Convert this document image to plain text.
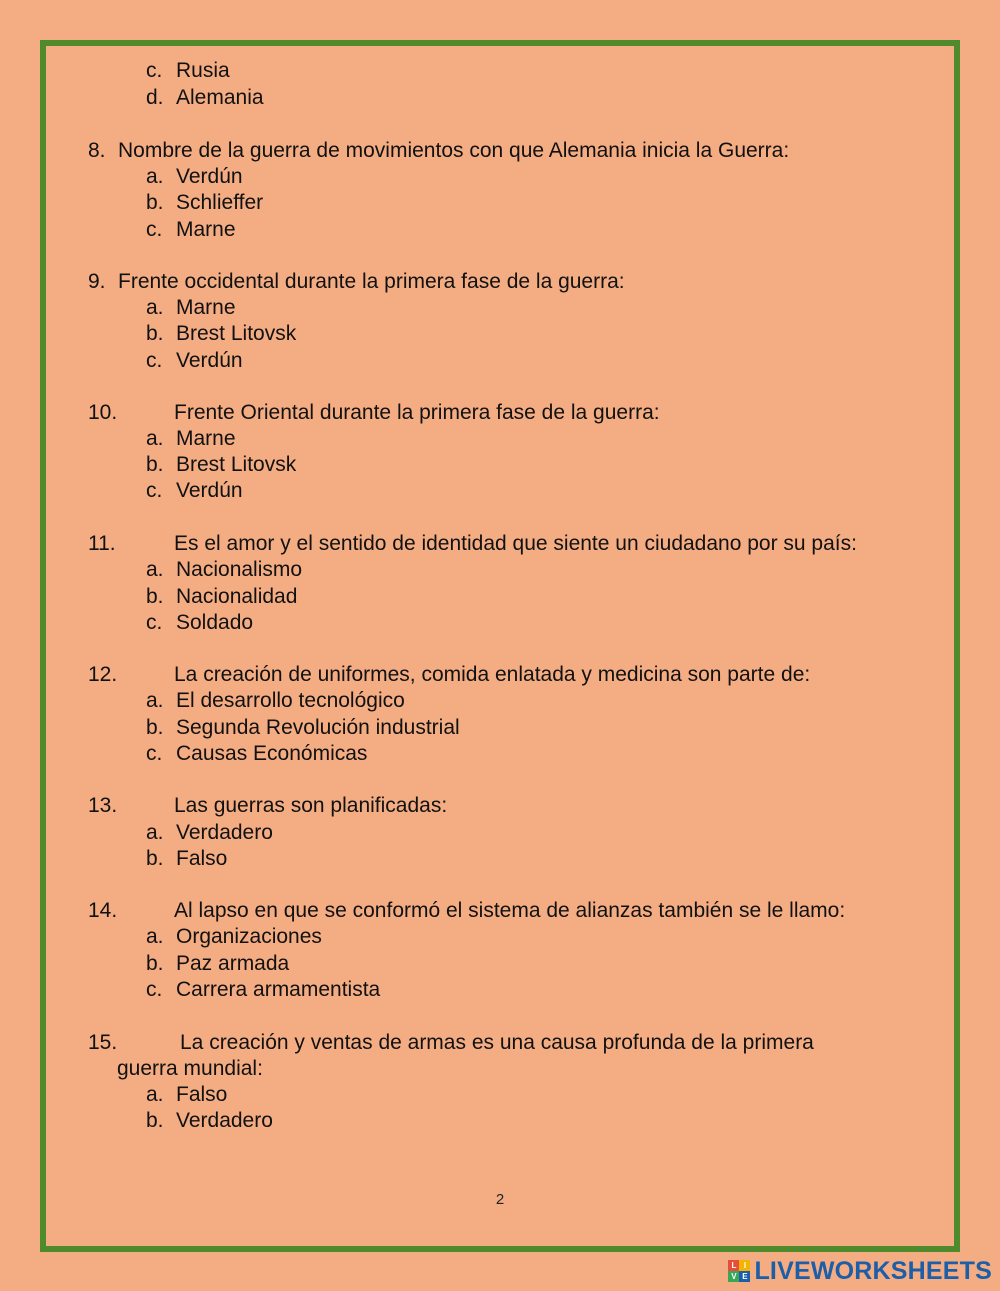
c. Rusia
d. Alemania
8. Nombre de la guerra de movimientos con que Alemania inicia la Guerra:
a. Verdún
b. Schlieffer
c. Marne
9. Frente occidental durante la primera fase de la guerra:
a. Marne
b. Brest Litovsk
c. Verdún
10.	Frente Oriental durante la primera fase de la guerra:
a. Marne
b. Brest Litovsk
c. Verdún
11.	Es el amor y el sentido de identidad que siente un ciudadano por su país:
a. Nacionalismo
b. Nacionalidad
c. Soldado
12.	La creación de uniformes, comida enlatada y medicina son parte de:
a. El desarrollo tecnológico
b. Segunda Revolución industrial
c. Causas Económicas
13.	Las guerras son planificadas:
a. Verdadero
b. Falso
14.	Al lapso en que se conformó el sistema de alianzas también se le llamo:
a. Organizaciones
b. Paz armada
c. Carrera armamentista
15.	La creación y ventas de armas es una causa profunda de la primera
guerra mundial:
a. Falso
b. Verdadero
2
L I
V E LIVEWORKSHEETS
